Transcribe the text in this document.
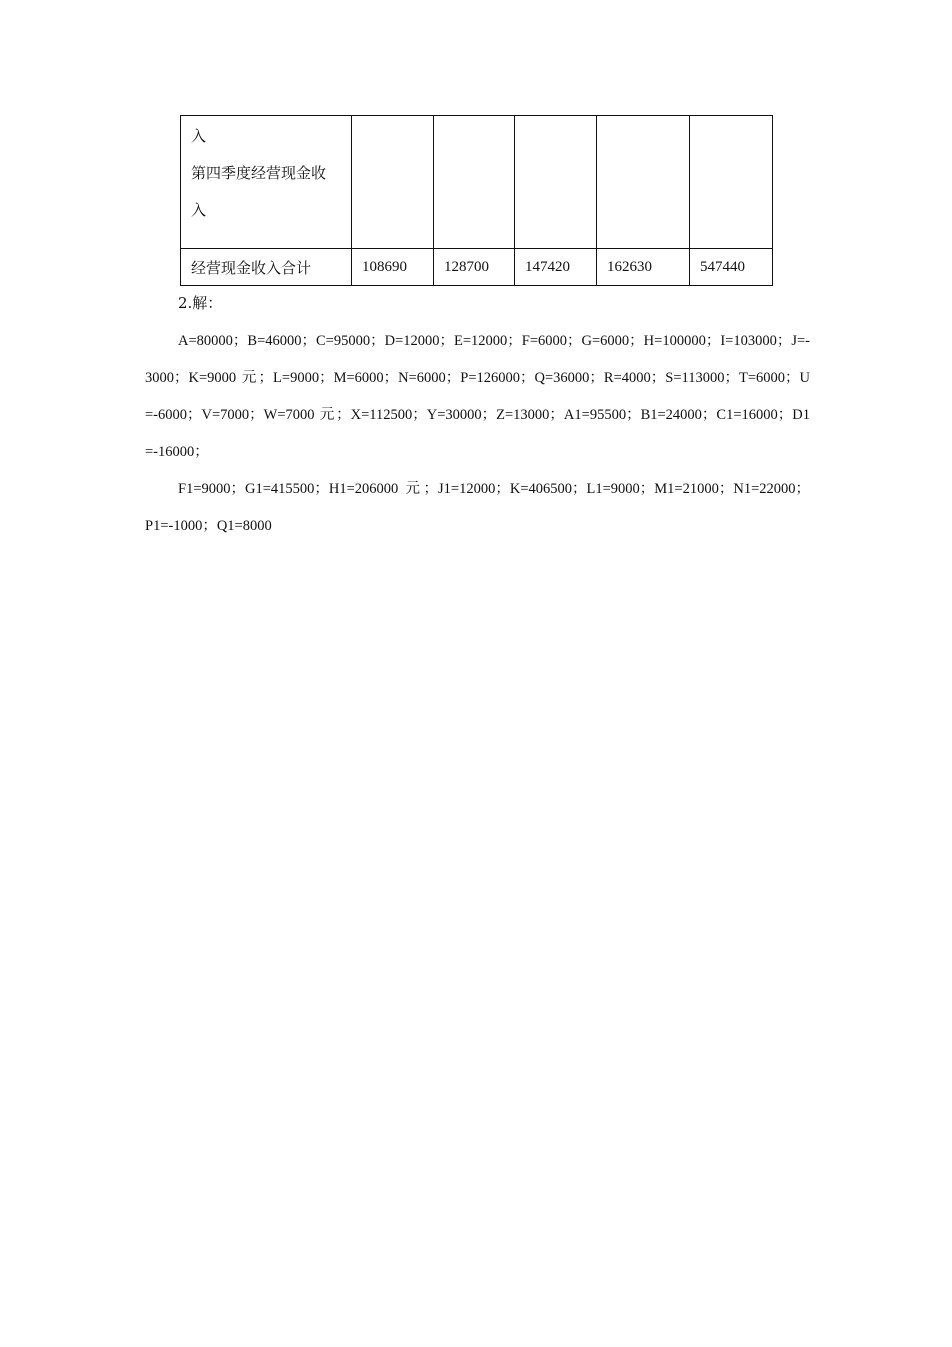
入
第四季度经营现金收
入					

经营现金收入合计	108690	128700	147420	162630	547440
2.解：

A=80000；B=46000；C=95000；D=12000；E=12000；F=6000；G=6000；H=100000；I=103000；J=-3000；K=9000 元；L=9000；M=6000；N=6000；P=126000；Q=36000；R=4000；S=113000；T=6000；U=-6000；V=7000；W=7000 元；X=112500；Y=30000；Z=13000；A1=95500；B1=24000；C1=16000；D1=-16000；

F1=9000；G1=415500；H1=206000 元；J1=12000；K=406500；L1=9000；M1=21000；N1=22000；P1=-1000；Q1=8000
